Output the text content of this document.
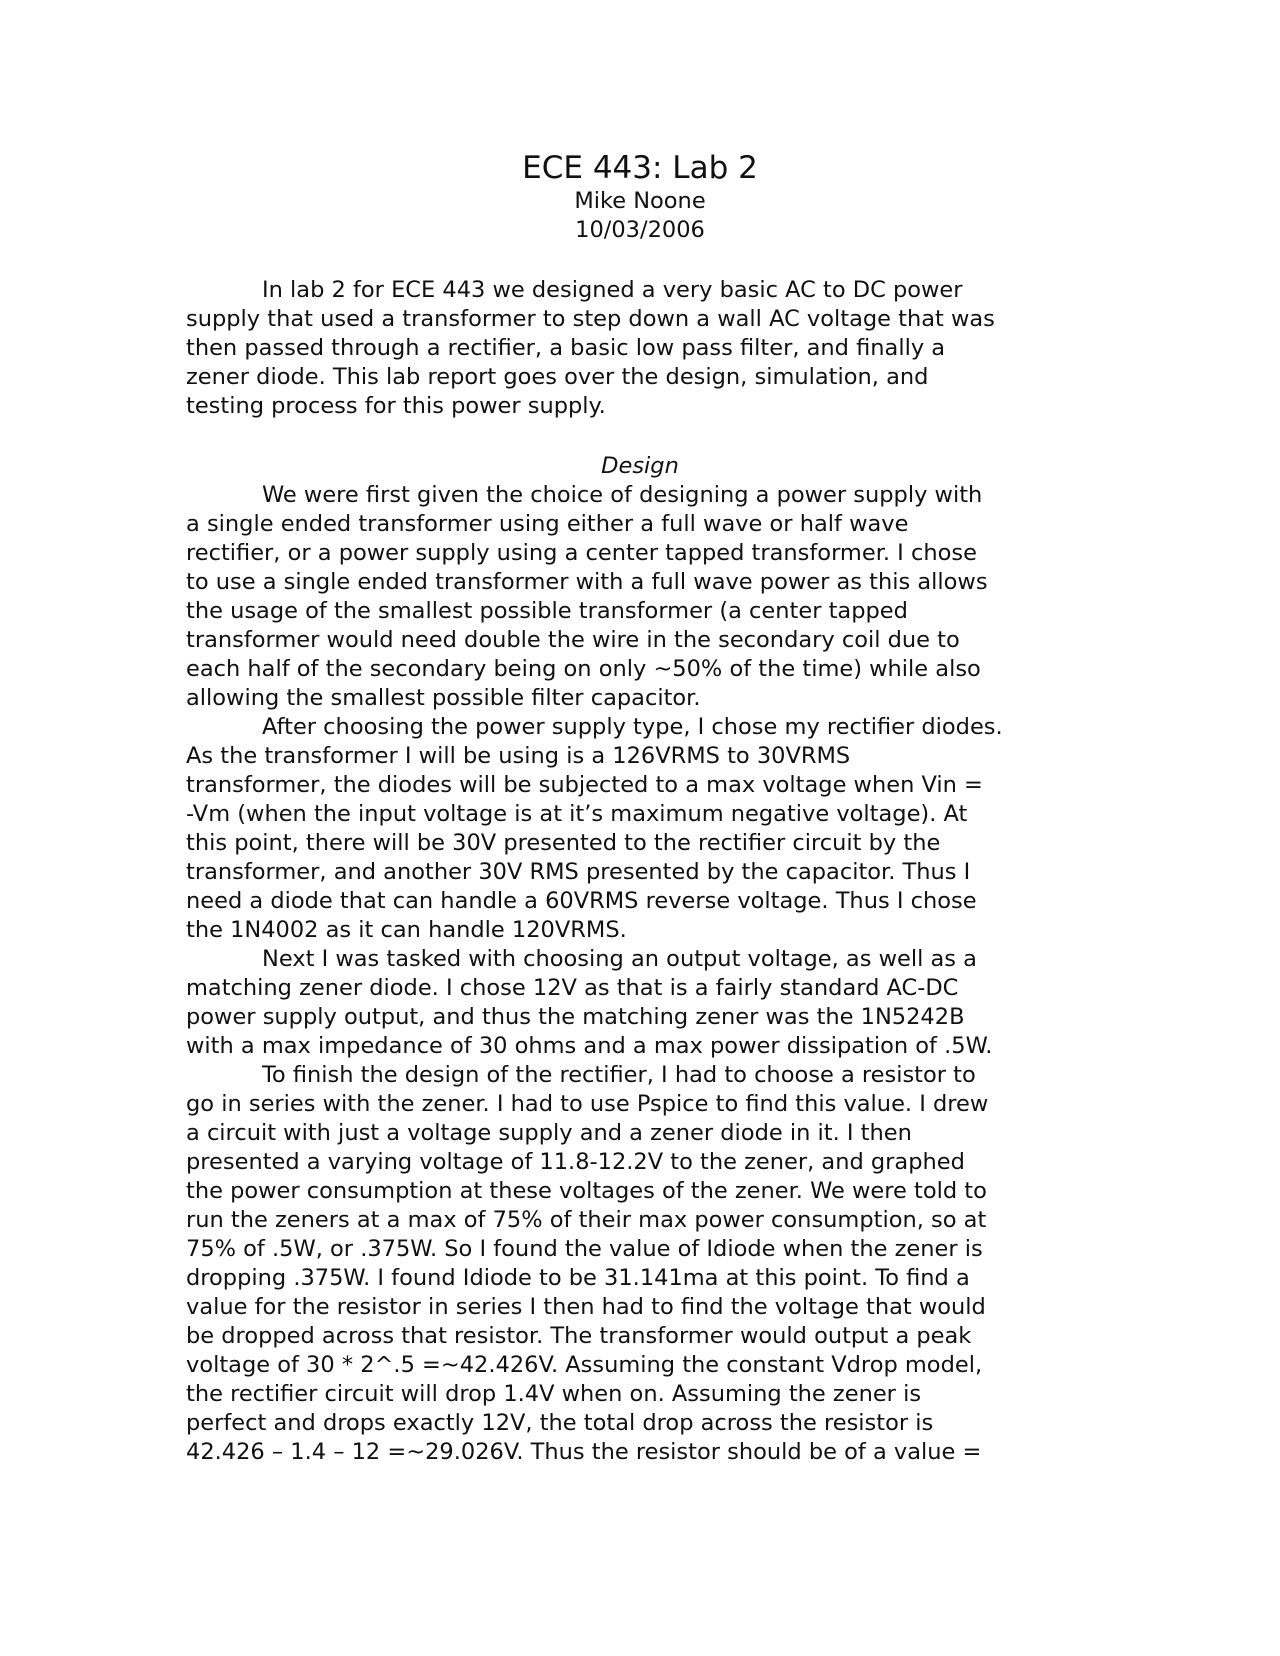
ECE 443: Lab 2
Mike Noone
10/03/2006
In lab 2 for ECE 443 we designed a very basic AC to DC power
supply that used a transformer to step down a wall AC voltage that was
then passed through a rectifier, a basic low pass filter, and finally a
zener diode. This lab report goes over the design, simulation, and
testing process for this power supply.
Design
We were first given the choice of designing a power supply with
a single ended transformer using either a full wave or half wave
rectifier, or a power supply using a center tapped transformer. I chose
to use a single ended transformer with a full wave power as this allows
the usage of the smallest possible transformer (a center tapped
transformer would need double the wire in the secondary coil due to
each half of the secondary being on only ~50% of the time) while also
allowing the smallest possible filter capacitor.
After choosing the power supply type, I chose my rectifier diodes.
As the transformer I will be using is a 126VRMS to 30VRMS
transformer, the diodes will be subjected to a max voltage when Vin =
-Vm (when the input voltage is at it’s maximum negative voltage). At
this point, there will be 30V presented to the rectifier circuit by the
transformer, and another 30V RMS presented by the capacitor. Thus I
need a diode that can handle a 60VRMS reverse voltage. Thus I chose
the 1N4002 as it can handle 120VRMS.
Next I was tasked with choosing an output voltage, as well as a
matching zener diode. I chose 12V as that is a fairly standard AC-DC
power supply output, and thus the matching zener was the 1N5242B
with a max impedance of 30 ohms and a max power dissipation of .5W.
To finish the design of the rectifier, I had to choose a resistor to
go in series with the zener. I had to use Pspice to find this value. I drew
a circuit with just a voltage supply and a zener diode in it. I then
presented a varying voltage of 11.8-12.2V to the zener, and graphed
the power consumption at these voltages of the zener. We were told to
run the zeners at a max of 75% of their max power consumption, so at
75% of .5W, or .375W. So I found the value of Idiode when the zener is
dropping .375W. I found Idiode to be 31.141ma at this point. To find a
value for the resistor in series I then had to find the voltage that would
be dropped across that resistor. The transformer would output a peak
voltage of 30 * 2^.5 =~42.426V. Assuming the constant Vdrop model,
the rectifier circuit will drop 1.4V when on. Assuming the zener is
perfect and drops exactly 12V, the total drop across the resistor is
42.426 – 1.4 – 12 =~29.026V. Thus the resistor should be of a value =
